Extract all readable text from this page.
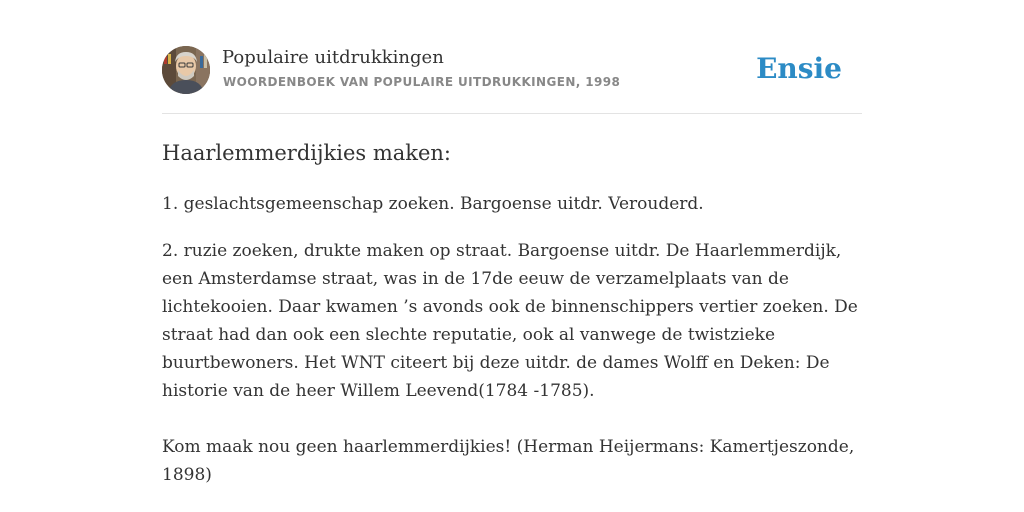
Populaire uitdrukkingen
WOORDENBOEK VAN POPULAIRE UITDRUKKINGEN, 1998	Ensie
Haarlemmerdijkies maken:

1. geslachtsgemeenschap zoeken. Bargoense uitdr. Verouderd.

2. ruzie zoeken, drukte maken op straat. Bargoense uitdr. De Haarlemmerdijk, een Amsterdamse straat, was in de 17de eeuw de verzamelplaats van de lichtekooien. Daar kwamen ’s avonds ook de binnenschippers vertier zoeken. De straat had dan ook een slechte reputatie, ook al vanwege de twistzieke buurtbewoners. Het WNT citeert bij deze uitdr. de dames Wolff en Deken: De historie van de heer Willem Leevend(1784 -1785).

Kom maak nou geen haarlemmerdijkies! (Herman Heijermans: Kamertjeszonde, 1898)
